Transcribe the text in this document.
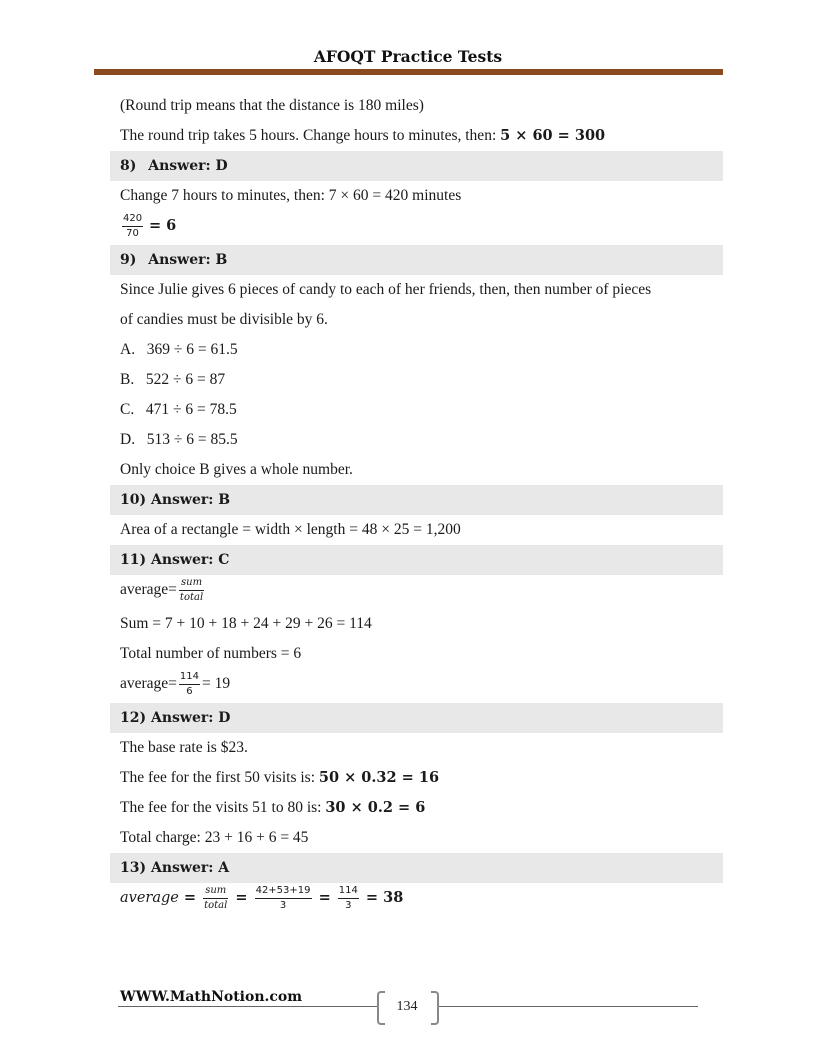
AFOQT Practice Tests
(Round trip means that the distance is 180 miles)
The round trip takes 5 hours. Change hours to minutes, then: 5 × 60 = 300
8)  Answer: D
Change 7 hours to minutes, then: 7 × 60 = 420 minutes
$\frac{420}{70} = 6$
9)  Answer: B
Since Julie gives 6 pieces of candy to each of her friends, then, then number of pieces
of candies must be divisible by 6.
A.  369 ÷ 6 = 61.5
B.  522 ÷ 6 = 87
C.  471 ÷ 6 = 78.5
D.  513 ÷ 6 = 85.5
Only choice B gives a whole number.
10) Answer: B
Area of a rectangle = width × length = 48 × 25 = 1,200
11) Answer: C
average= $\frac{\text{sum}}{\text{total}}$
Sum = 7 + 10 + 18 + 24 + 29 + 26 = 114
Total number of numbers = 6
average= $\frac{114}{6} = 19$
12) Answer: D
The base rate is $23.
The fee for the first 50 visits is: 50 × 0.32 = 16
The fee for the visits 51 to 80 is: 30 × 0.2 = 6
Total charge: 23 + 16 + 6 = 45
13) Answer: A
average = $\frac{\text{sum}}{\text{total}} = \frac{42+53+19}{3} = \frac{114}{3} = 38$
WWW.MathNotion.com
134
